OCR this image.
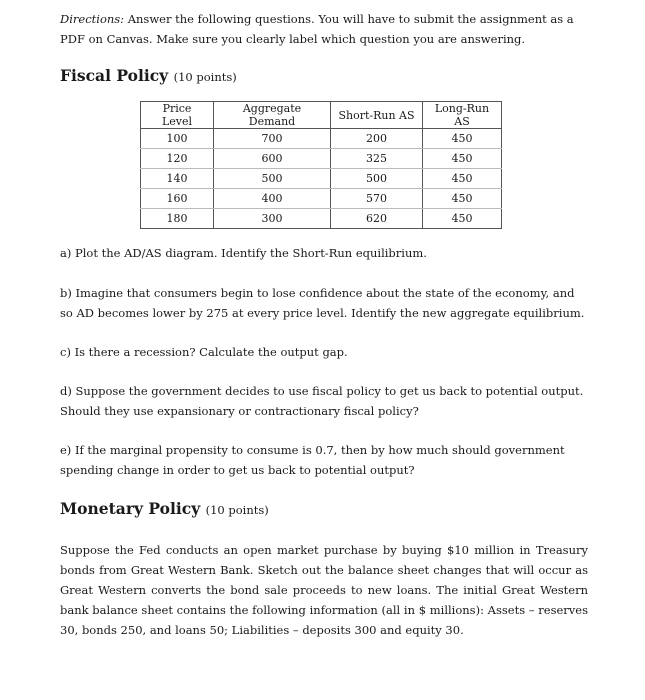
Directions: Answer the following questions. You will have to submit the assignment as a PDF on Canvas. Make sure you clearly label which question you are answering.
Fiscal Policy (10 points)
Price Level	Aggregate Demand	Short-Run AS	Long-Run AS
100	700	200	450
120	600	325	450
140	500	500	450
160	400	570	450
180	300	620	450
a) Plot the AD/AS diagram. Identify the Short-Run equilibrium.
b) Imagine that consumers begin to lose confidence about the state of the economy, and so AD becomes lower by 275 at every price level. Identify the new aggregate equilibrium.
c) Is there a recession? Calculate the output gap.
d) Suppose the government decides to use fiscal policy to get us back to potential output. Should they use expansionary or contractionary fiscal policy?
e) If the marginal propensity to consume is 0.7, then by how much should government spending change in order to get us back to potential output?
Monetary Policy (10 points)
Suppose the Fed conducts an open market purchase by buying $10 million in Treasury bonds from Great Western Bank. Sketch out the balance sheet changes that will occur as Great Western converts the bond sale proceeds to new loans. The initial Great Western bank balance sheet contains the following information (all in $ millions): Assets – reserves 30, bonds 250, and loans 50; Liabilities – deposits 300 and equity 30.
